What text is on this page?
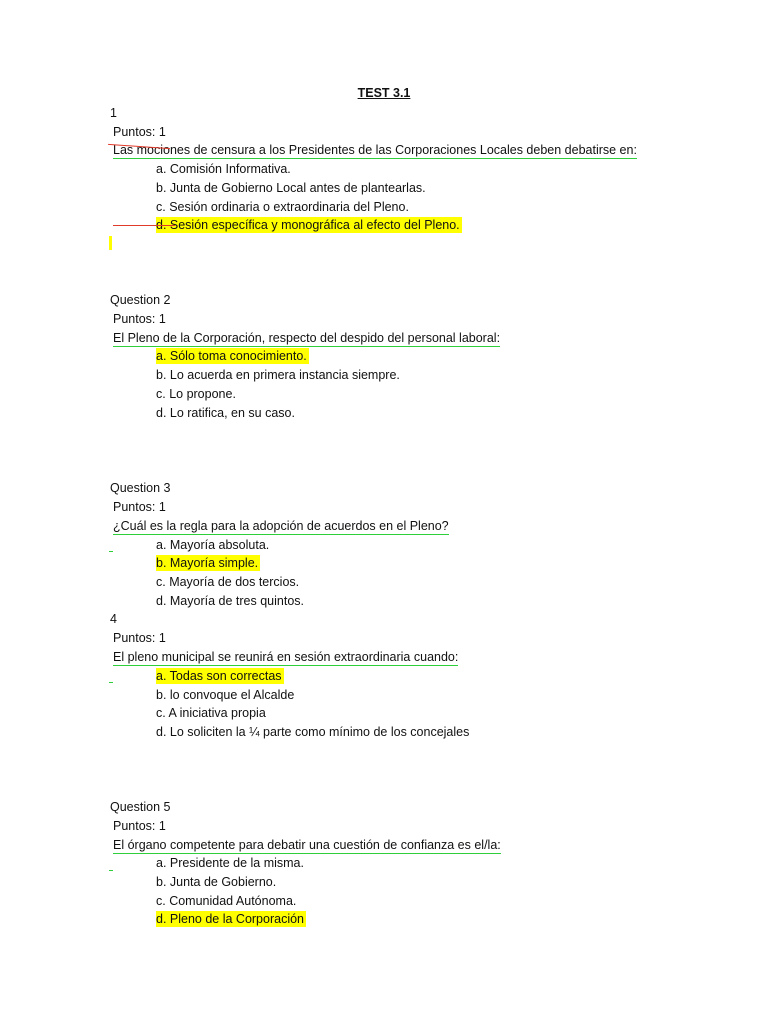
TEST 3.1
1
Puntos: 1
Las mociones de censura a los Presidentes de las Corporaciones Locales deben debatirse en:
a. Comisión Informativa.
b. Junta de Gobierno Local antes de plantearlas.
c. Sesión ordinaria o extraordinaria del Pleno.
d. Sesión específica y monográfica al efecto del Pleno.
Question 2
Puntos: 1
El Pleno de la Corporación, respecto del despido del personal laboral:
a. Sólo toma conocimiento.
b. Lo acuerda en primera instancia siempre.
c. Lo propone.
d. Lo ratifica, en su caso.
Question 3
Puntos: 1
¿Cuál es la regla para la adopción de acuerdos en el Pleno?
a. Mayoría absoluta.
b. Mayoría simple.
c. Mayoría de dos tercios.
d. Mayoría de tres quintos.
4
Puntos: 1
El pleno municipal se reunirá en sesión extraordinaria cuando:
a. Todas son correctas
b. lo convoque el Alcalde
c. A iniciativa propia
d. Lo soliciten la ¼ parte como mínimo de los concejales
Question 5
Puntos: 1
El órgano competente para debatir una cuestión de confianza es el/la:
a. Presidente de la misma.
b. Junta de Gobierno.
c. Comunidad Autónoma.
d. Pleno de la Corporación
